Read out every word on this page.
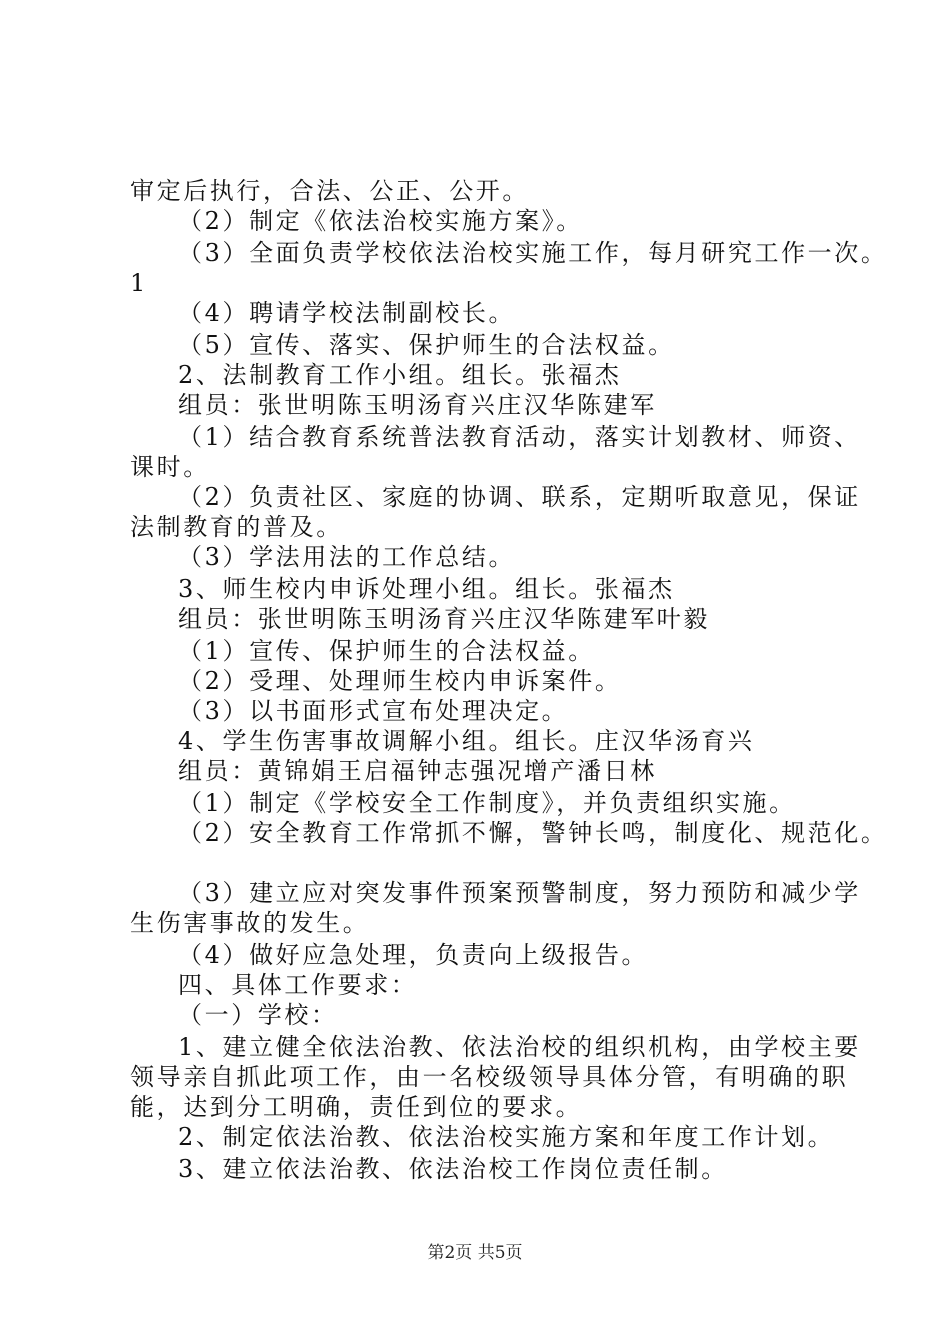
审定后执行，合法、公正、公开。
（2）制定《依法治校实施方案》。
（3）全面负责学校依法治校实施工作，每月研究工作一次。
1
（4）聘请学校法制副校长。
（5）宣传、落实、保护师生的合法权益。
2、法制教育工作小组。组长。张福杰
组员：张世明陈玉明汤育兴庄汉华陈建军
（1）结合教育系统普法教育活动，落实计划教材、师资、
课时。
（2）负责社区、家庭的协调、联系，定期听取意见，保证
法制教育的普及。
（3）学法用法的工作总结。
3、师生校内申诉处理小组。组长。张福杰
组员：张世明陈玉明汤育兴庄汉华陈建军叶毅
（1）宣传、保护师生的合法权益。
（2）受理、处理师生校内申诉案件。
（3）以书面形式宣布处理决定。
4、学生伤害事故调解小组。组长。庄汉华汤育兴
组员：黄锦娟王启福钟志强况增产潘日林
（1）制定《学校安全工作制度》，并负责组织实施。
（2）安全教育工作常抓不懈，警钟长鸣，制度化、规范化。
（3）建立应对突发事件预案预警制度，努力预防和减少学
生伤害事故的发生。
（4）做好应急处理，负责向上级报告。
四、具体工作要求：
（一）学校：
1、建立健全依法治教、依法治校的组织机构，由学校主要
领导亲自抓此项工作，由一名校级领导具体分管，有明确的职
能，达到分工明确，责任到位的要求。
2、制定依法治教、依法治校实施方案和年度工作计划。
3、建立依法治教、依法治校工作岗位责任制。
第2页 共5页
